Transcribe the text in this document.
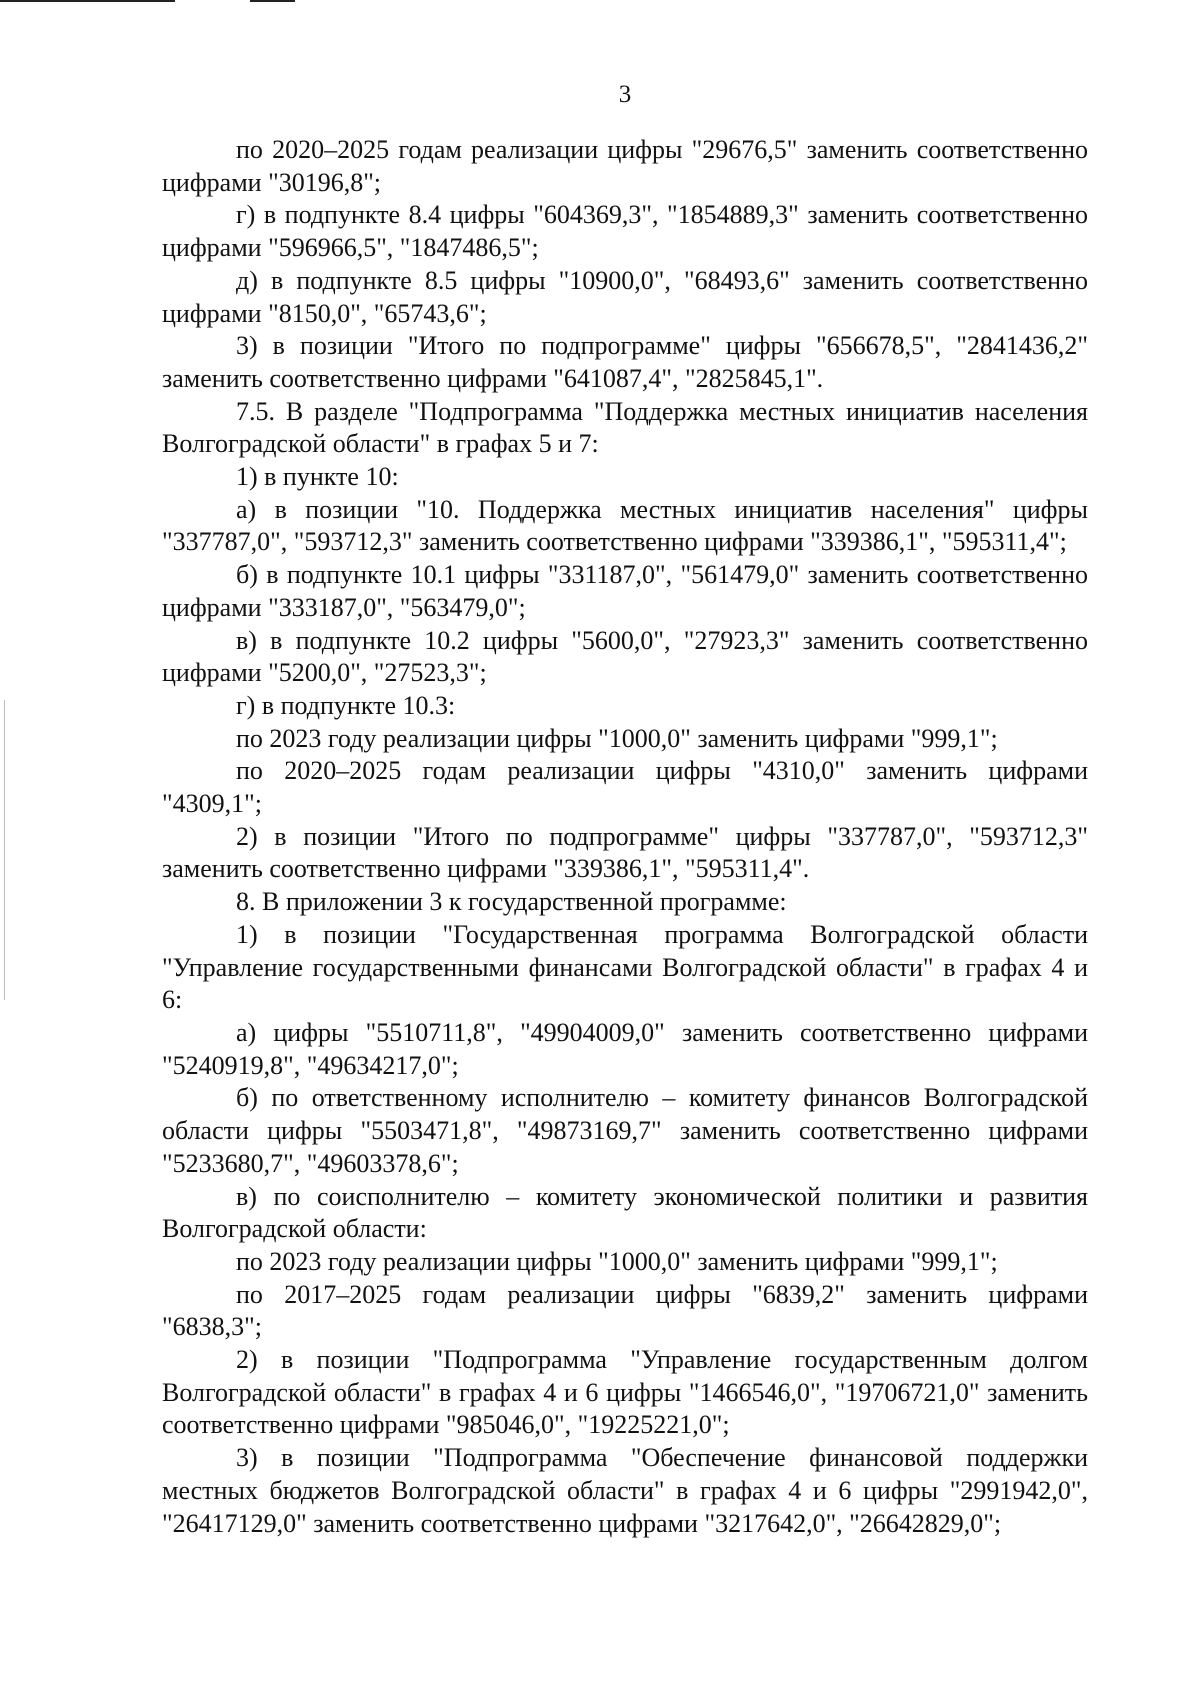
3

по 2020–2025 годам реализации цифры "29676,5" заменить соответственно цифрами "30196,8";

г) в подпункте 8.4 цифры "604369,3", "1854889,3" заменить соответственно цифрами "596966,5", "1847486,5";

д) в подпункте 8.5 цифры "10900,0", "68493,6" заменить соответственно цифрами "8150,0", "65743,6";

3) в позиции "Итого по подпрограмме" цифры "656678,5", "2841436,2" заменить соответственно цифрами "641087,4", "2825845,1".

7.5. В разделе "Подпрограмма "Поддержка местных инициатив населения Волгоградской области" в графах 5 и 7:

1) в пункте 10:

а) в позиции "10. Поддержка местных инициатив населения" цифры "337787,0", "593712,3" заменить соответственно цифрами "339386,1", "595311,4";

б) в подпункте 10.1 цифры "331187,0", "561479,0" заменить соответственно цифрами "333187,0", "563479,0";

в) в подпункте 10.2 цифры "5600,0", "27923,3" заменить соответственно цифрами "5200,0", "27523,3";

г) в подпункте 10.3:

по 2023 году реализации цифры "1000,0" заменить цифрами "999,1";

по 2020–2025 годам реализации цифры "4310,0" заменить цифрами "4309,1";

2) в позиции "Итого по подпрограмме" цифры "337787,0", "593712,3" заменить соответственно цифрами "339386,1", "595311,4".

8. В приложении 3 к государственной программе:

1) в позиции "Государственная программа Волгоградской области "Управление государственными финансами Волгоградской области" в графах 4 и 6:

а) цифры "5510711,8", "49904009,0" заменить соответственно цифрами "5240919,8", "49634217,0";

б) по ответственному исполнителю – комитету финансов Волгоградской области цифры "5503471,8", "49873169,7" заменить соответственно цифрами "5233680,7", "49603378,6";

в) по соисполнителю – комитету экономической политики и развития Волгоградской области:

по 2023 году реализации цифры "1000,0" заменить цифрами "999,1";

по 2017–2025 годам реализации цифры "6839,2" заменить цифрами "6838,3";

2) в позиции "Подпрограмма "Управление государственным долгом Волгоградской области" в графах 4 и 6 цифры "1466546,0", "19706721,0" заменить соответственно цифрами "985046,0", "19225221,0";

3) в позиции "Подпрограмма "Обеспечение финансовой поддержки местных бюджетов Волгоградской области" в графах 4 и 6 цифры "2991942,0", "26417129,0" заменить соответственно цифрами "3217642,0", "26642829,0";
